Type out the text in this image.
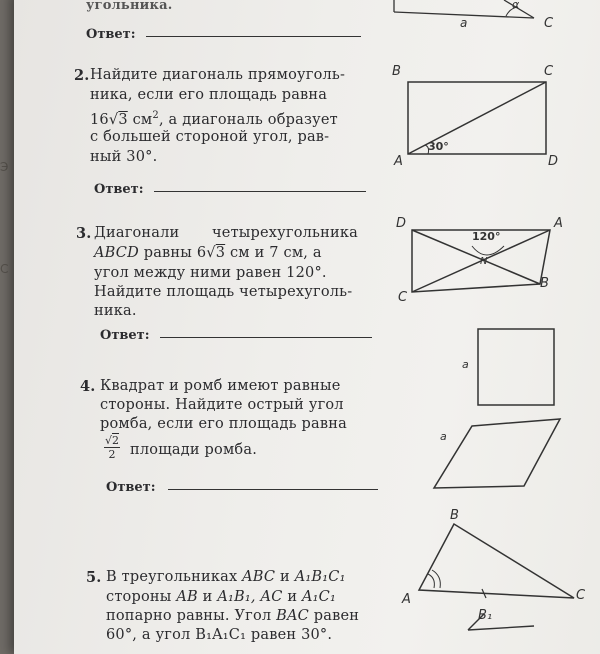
Э
С
угольника.
Ответ:
a	C
α
2. Найдите диагональ прямоуголь-
ника, если его площадь равна
16√3 $см^2$, а диагональ образует
с большей стороной угол, рав-
ный 30°.
Ответ:
B	C
A	D
30°
3. Диагонали четырехугольника
ABCD равны 6√3 см и 7 см, а
угол между ними равен 120°.
Найдите площадь четырехуголь-
ника.
Ответ:
D	A
C
B
N
120°
4. Квадрат и ромб имеют равные
стороны. Найдите острый угол
ромба, если его площадь равна
$\frac{√2}{2}$ площади ромба.
Ответ:
a
a
5. В треугольниках ABC и A₁B₁C₁
стороны AB и A₁B₁, AC и A₁C₁
попарно равны. Угол BAC равен
60°, а угол B₁A₁C₁ равен 30°.
B
A	C
B₁
